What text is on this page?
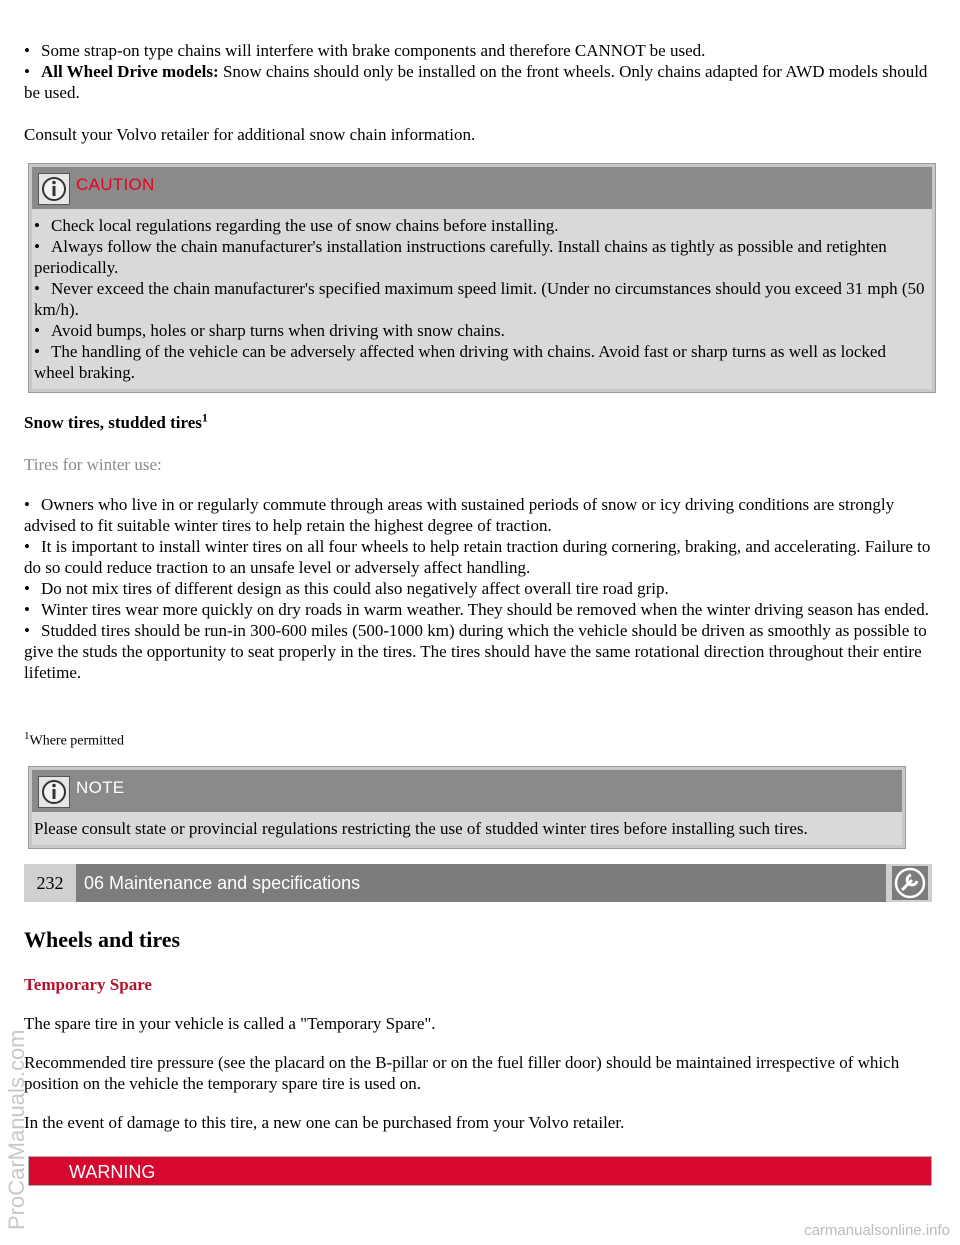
• Some strap-on type chains will interfere with brake components and therefore CANNOT be used.
• All Wheel Drive models: Snow chains should only be installed on the front wheels. Only chains adapted for AWD models should be used.

Consult your Volvo retailer for additional snow chain information.

CAUTION
• Check local regulations regarding the use of snow chains before installing.
• Always follow the chain manufacturer's installation instructions carefully. Install chains as tightly as possible and retighten periodically.
• Never exceed the chain manufacturer's specified maximum speed limit. (Under no circumstances should you exceed 31 mph (50 km/h).
• Avoid bumps, holes or sharp turns when driving with snow chains.
• The handling of the vehicle can be adversely affected when driving with chains. Avoid fast or sharp turns as well as locked wheel braking.

Snow tires, studded tires$^1$

Tires for winter use:

• Owners who live in or regularly commute through areas with sustained periods of snow or icy driving conditions are strongly advised to fit suitable winter tires to help retain the highest degree of traction.
• It is important to install winter tires on all four wheels to help retain traction during cornering, braking, and accelerating. Failure to do so could reduce traction to an unsafe level or adversely affect handling.
• Do not mix tires of different design as this could also negatively affect overall tire road grip.
• Winter tires wear more quickly on dry roads in warm weather. They should be removed when the winter driving season has ended.
• Studded tires should be run-in 300-600 miles (500-1000 km) during which the vehicle should be driven as smoothly as possible to give the studs the opportunity to seat properly in the tires. The tires should have the same rotational direction throughout their entire lifetime.

$^1$Where permitted

NOTE

Please consult state or provincial regulations restricting the use of studded winter tires before installing such tires.

232	06 Maintenance and specifications
Wheels and tires

Temporary Spare

The spare tire in your vehicle is called a "Temporary Spare".

Recommended tire pressure (see the placard on the B-pillar or on the fuel filler door) should be maintained irrespective of which position on the vehicle the temporary spare tire is used on.

In the event of damage to this tire, a new one can be purchased from your Volvo retailer.

WARNING
ProCarManuals.com
carmanualsonline.info
